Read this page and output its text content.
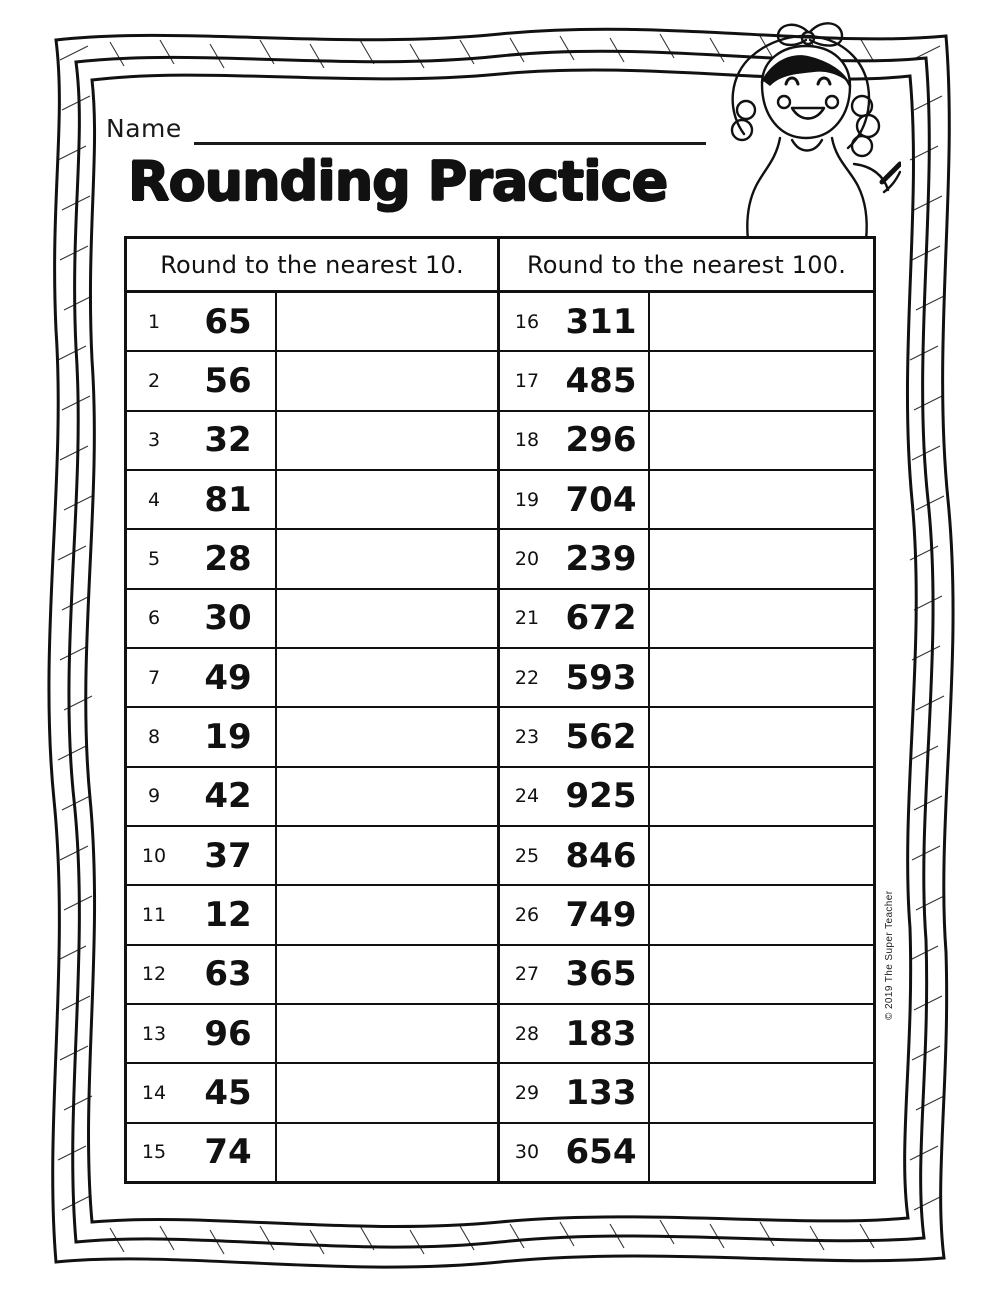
Name
Rounding Practice
Round to the nearest 10.
1	65
2	56
3	32
4	81
5	28
6	30
7	49
8	19
9	42
10	37
11	12
12	63
13	96
14	45
15	74
Round to the nearest 100.
16 311
17 485
18 296
19 704
20 239
21 672
22 593
23 562
24 925
25 846
26 749
27 365
28 183
29 133
30 654
© 2019 The Super Teacher
